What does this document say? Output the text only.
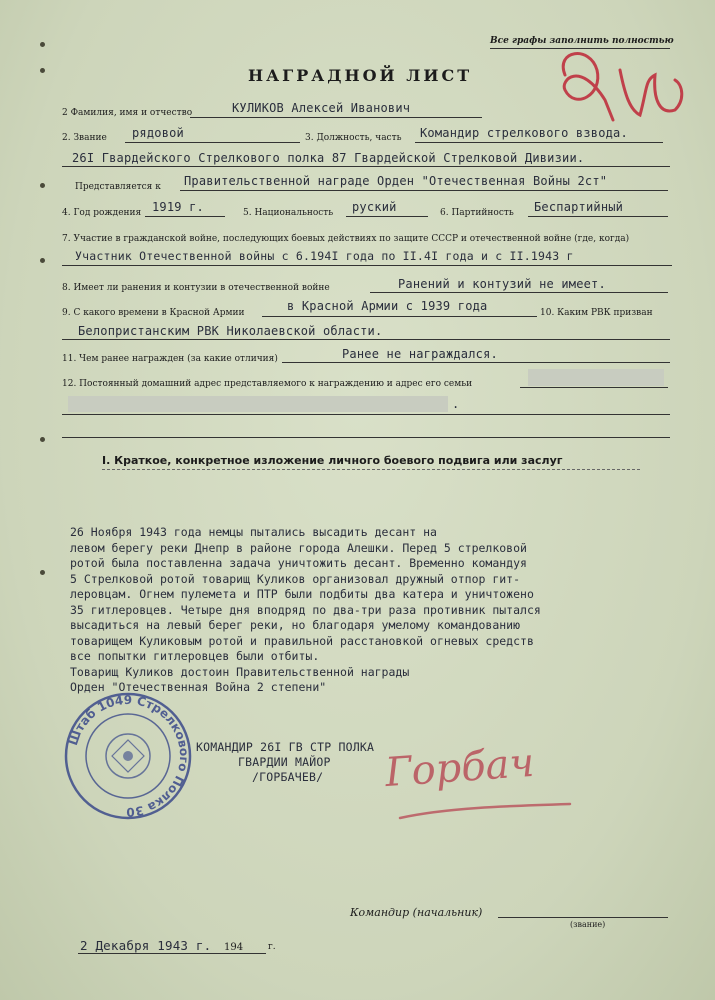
Все графы заполнить полностью
НАГРАДНОЙ ЛИСТ
2 Фамилия, имя и отчество	КУЛИКОВ Алексей Иванович
2. Звание рядовой	3. Должность, часть Командир стрелкового взвода.
26I Гвардейского Стрелкового полка 87 Гвардейской Стрелковой Дивизии.
Представляется к Правительственной награде Орден "Отечественная Войны 2ст"
4. Год рождения 1919 г.	5. Национальность руский	6. Партийность Беспартийный
7. Участие в гражданской войне, последующих боевых действиях по защите СССР и отечественной войне (где, когда)
Участник Отечественной войны с 6.194I года по II.4I года и с II.1943 г
8. Имеет ли ранения и контузии в отечественной войне	Ранений и контузий не имеет.
9. С какого времени в Красной Армии	в Красной Армии с 1939 года	10. Каким РВК призван
Белопристанским РВК Николаевской области.
11. Чем ранее награжден (за какие отличия)	Ранее не награждался.
12. Постоянный домашний адрес представляемого к награждению и адрес его семьи
.
I. Краткое, конкретное изложение личного боевого подвига или заслуг
26 Ноября 1943 года немцы пытались высадить десант на
левом берегу реки Днепр в районе города Алешки. Перед 5 стрелковой
ротой была поставленна задача уничтожить десант. Временно командуя
5 Стрелковой ротой товарищ Куликов организовал дружный отпор гит-
леровцам. Огнем пулемета и ПТР были подбиты два катера и уничтожено
35 гитлеровцев. Четыре дня вподряд по два-три раза противник пытался
высадиться на левый берег реки, но благодаря умелому командованию
товарищем Куликовым ротой и правильной расстановкой огневых средств
все попытки гитлеровцев были отбиты.
Товарищ Куликов достоин Правительственной награды
Орден "Отечественная Война 2 степени"
Штаб 1049 Стрелкового Полка 30
КОМАНДИР 26I ГВ СТР ПОЛКА
ГВАРДИИ МАЙОР
/ГОРБАЧЕВ/ Горбач
Командир (начальник)
(звание)
2 Декабря 1943 г. 194	г.
